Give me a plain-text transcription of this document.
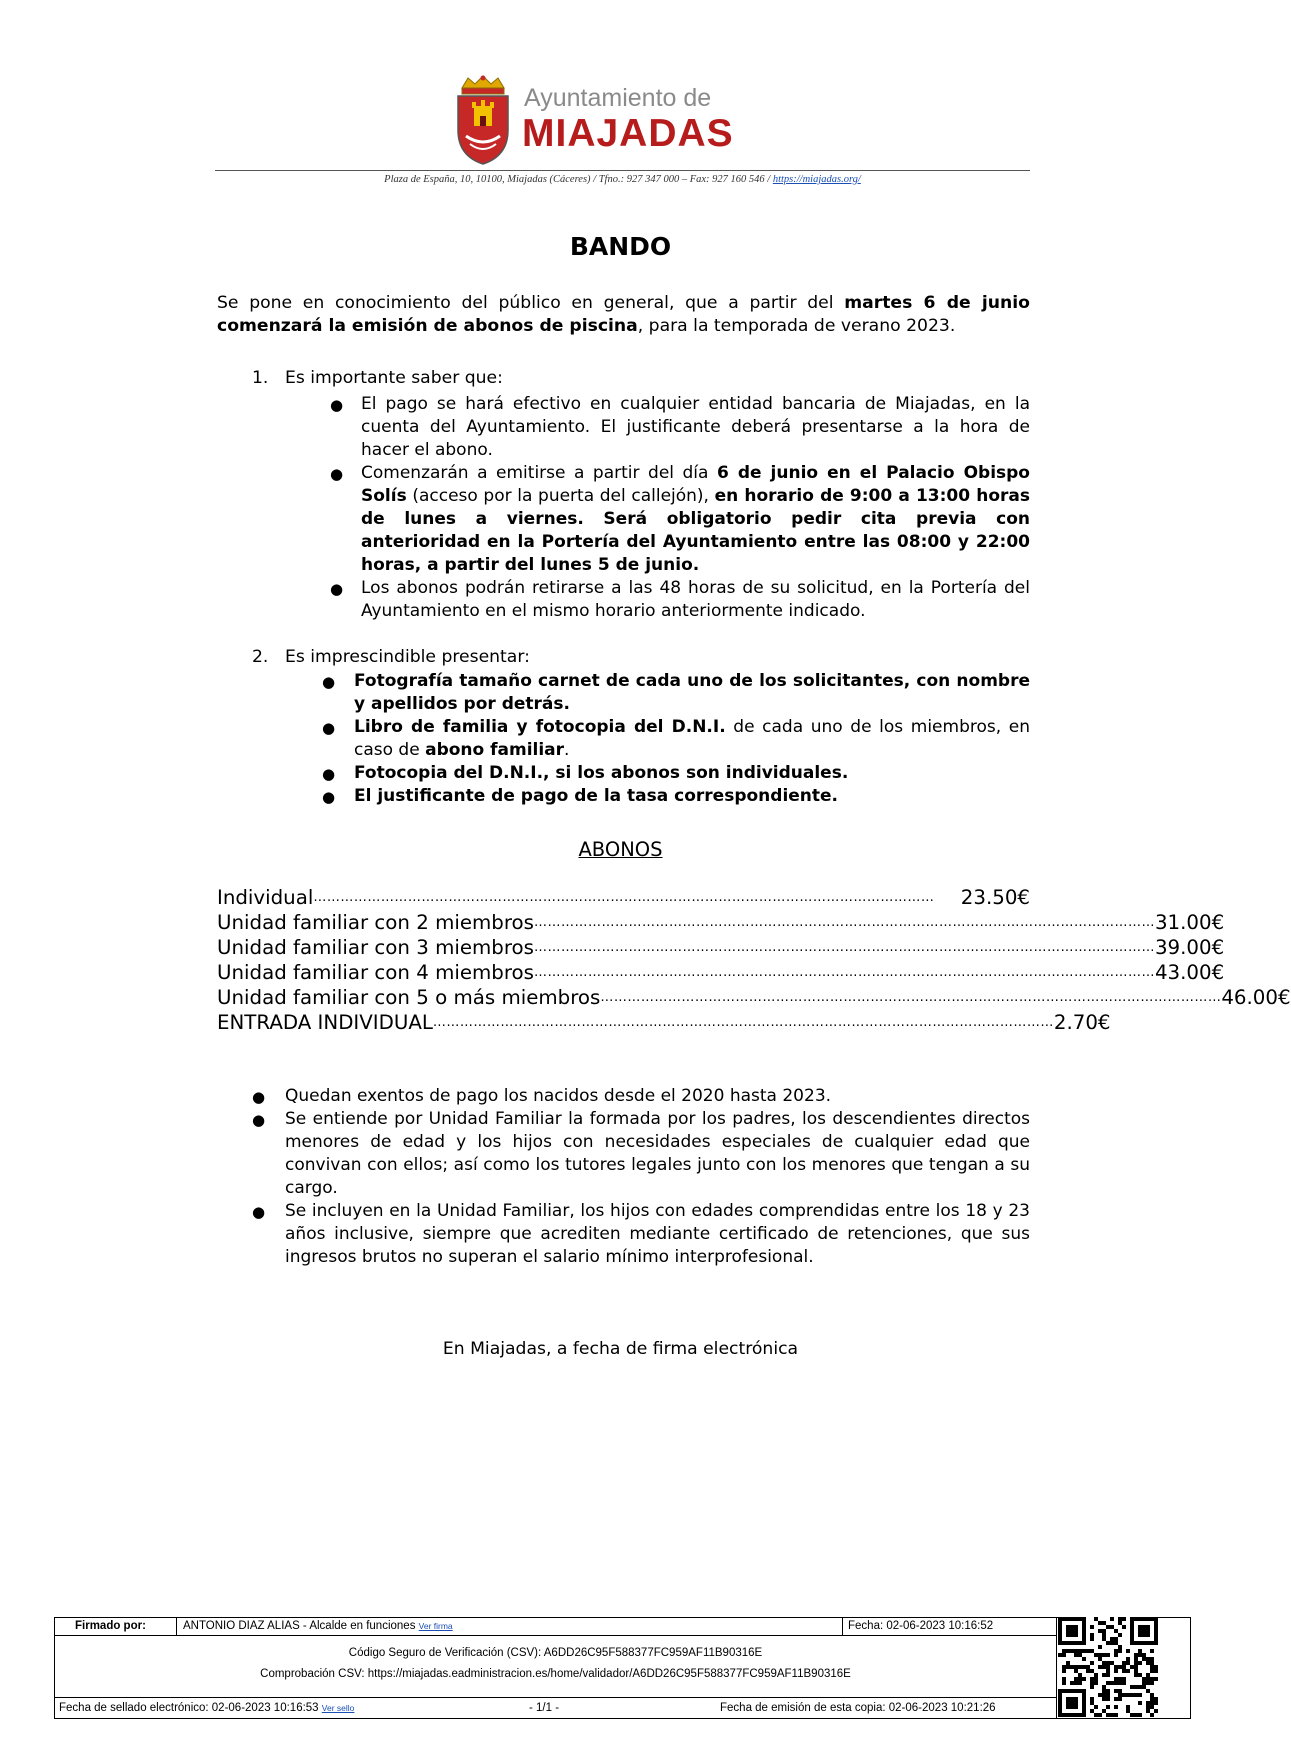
Ayuntamiento de
MIAJADAS
Plaza de España, 10, 10100, Miajadas (Cáceres) / Tfno.: 927 347 000 – Fax: 927 160 546 / https://miajadas.org/
BANDO
Se pone en conocimiento del público en general, que a partir del martes 6 de junio comenzará la emisión de abonos de piscina, para la temporada de verano 2023.
1. Es importante saber que:
● El pago se hará efectivo en cualquier entidad bancaria de Miajadas, en la cuenta del Ayuntamiento. El justificante deberá presentarse a la hora de hacer el abono.
● Comenzarán a emitirse a partir del día 6 de junio en el Palacio Obispo Solís (acceso por la puerta del callejón), en horario de 9:00 a 13:00 horas de lunes a viernes. Será obligatorio pedir cita previa con anterioridad en la Portería del Ayuntamiento entre las 08:00 y 22:00 horas, a partir del lunes 5 de junio.
● Los abonos podrán retirarse a las 48 horas de su solicitud, en la Portería del Ayuntamiento en el mismo horario anteriormente indicado.
2. Es imprescindible presentar:
● Fotografía tamaño carnet de cada uno de los solicitantes, con nombre y apellidos por detrás.
● Libro de familia y fotocopia del D.N.I. de cada uno de los miembros, en caso de abono familiar.
● Fotocopia del D.N.I., si los abonos son individuales.
● El justificante de pago de la tasa correspondiente.
ABONOS
Individual …………………………………………………………………………………………………………………………	23.50€
Unidad familiar con 2 miembros ………………………………………………………………………………………………………………………… 31.00€
Unidad familiar con 3 miembros ………………………………………………………………………………………………………………………… 39.00€
Unidad familiar con 4 miembros ………………………………………………………………………………………………………………………… 43.00€
Unidad familiar con 5 o más miembros ………………………………………………………………………………………………………………………… 46.00€
ENTRADA INDIVIDUAL ………………………………………………………………………………………………………………………… 2.70€
● Quedan exentos de pago los nacidos desde el 2020 hasta 2023.
● Se entiende por Unidad Familiar la formada por los padres, los descendientes directos menores de edad y los hijos con necesidades especiales de cualquier edad que convivan con ellos; así como los tutores legales junto con los menores que tengan a su cargo.
● Se incluyen en la Unidad Familiar, los hijos con edades comprendidas entre los 18 y 23 años inclusive, siempre que acrediten mediante certificado de retenciones, que sus ingresos brutos no superan el salario mínimo interprofesional.
En Miajadas, a fecha de firma electrónica
Firmado por:	ANTONIO DIAZ ALIAS - Alcalde en funciones Ver firma	Fecha: 02-06-2023 10:16:52
Código Seguro de Verificación (CSV): A6DD26C95F588377FC959AF11B90316E
Comprobación CSV: https://miajadas.eadministracion.es/home/validador/A6DD26C95F588377FC959AF11B90316E
Fecha de sellado electrónico: 02-06-2023 10:16:53 Ver sello	- 1/1 -	Fecha de emisión de esta copia: 02-06-2023 10:21:26
